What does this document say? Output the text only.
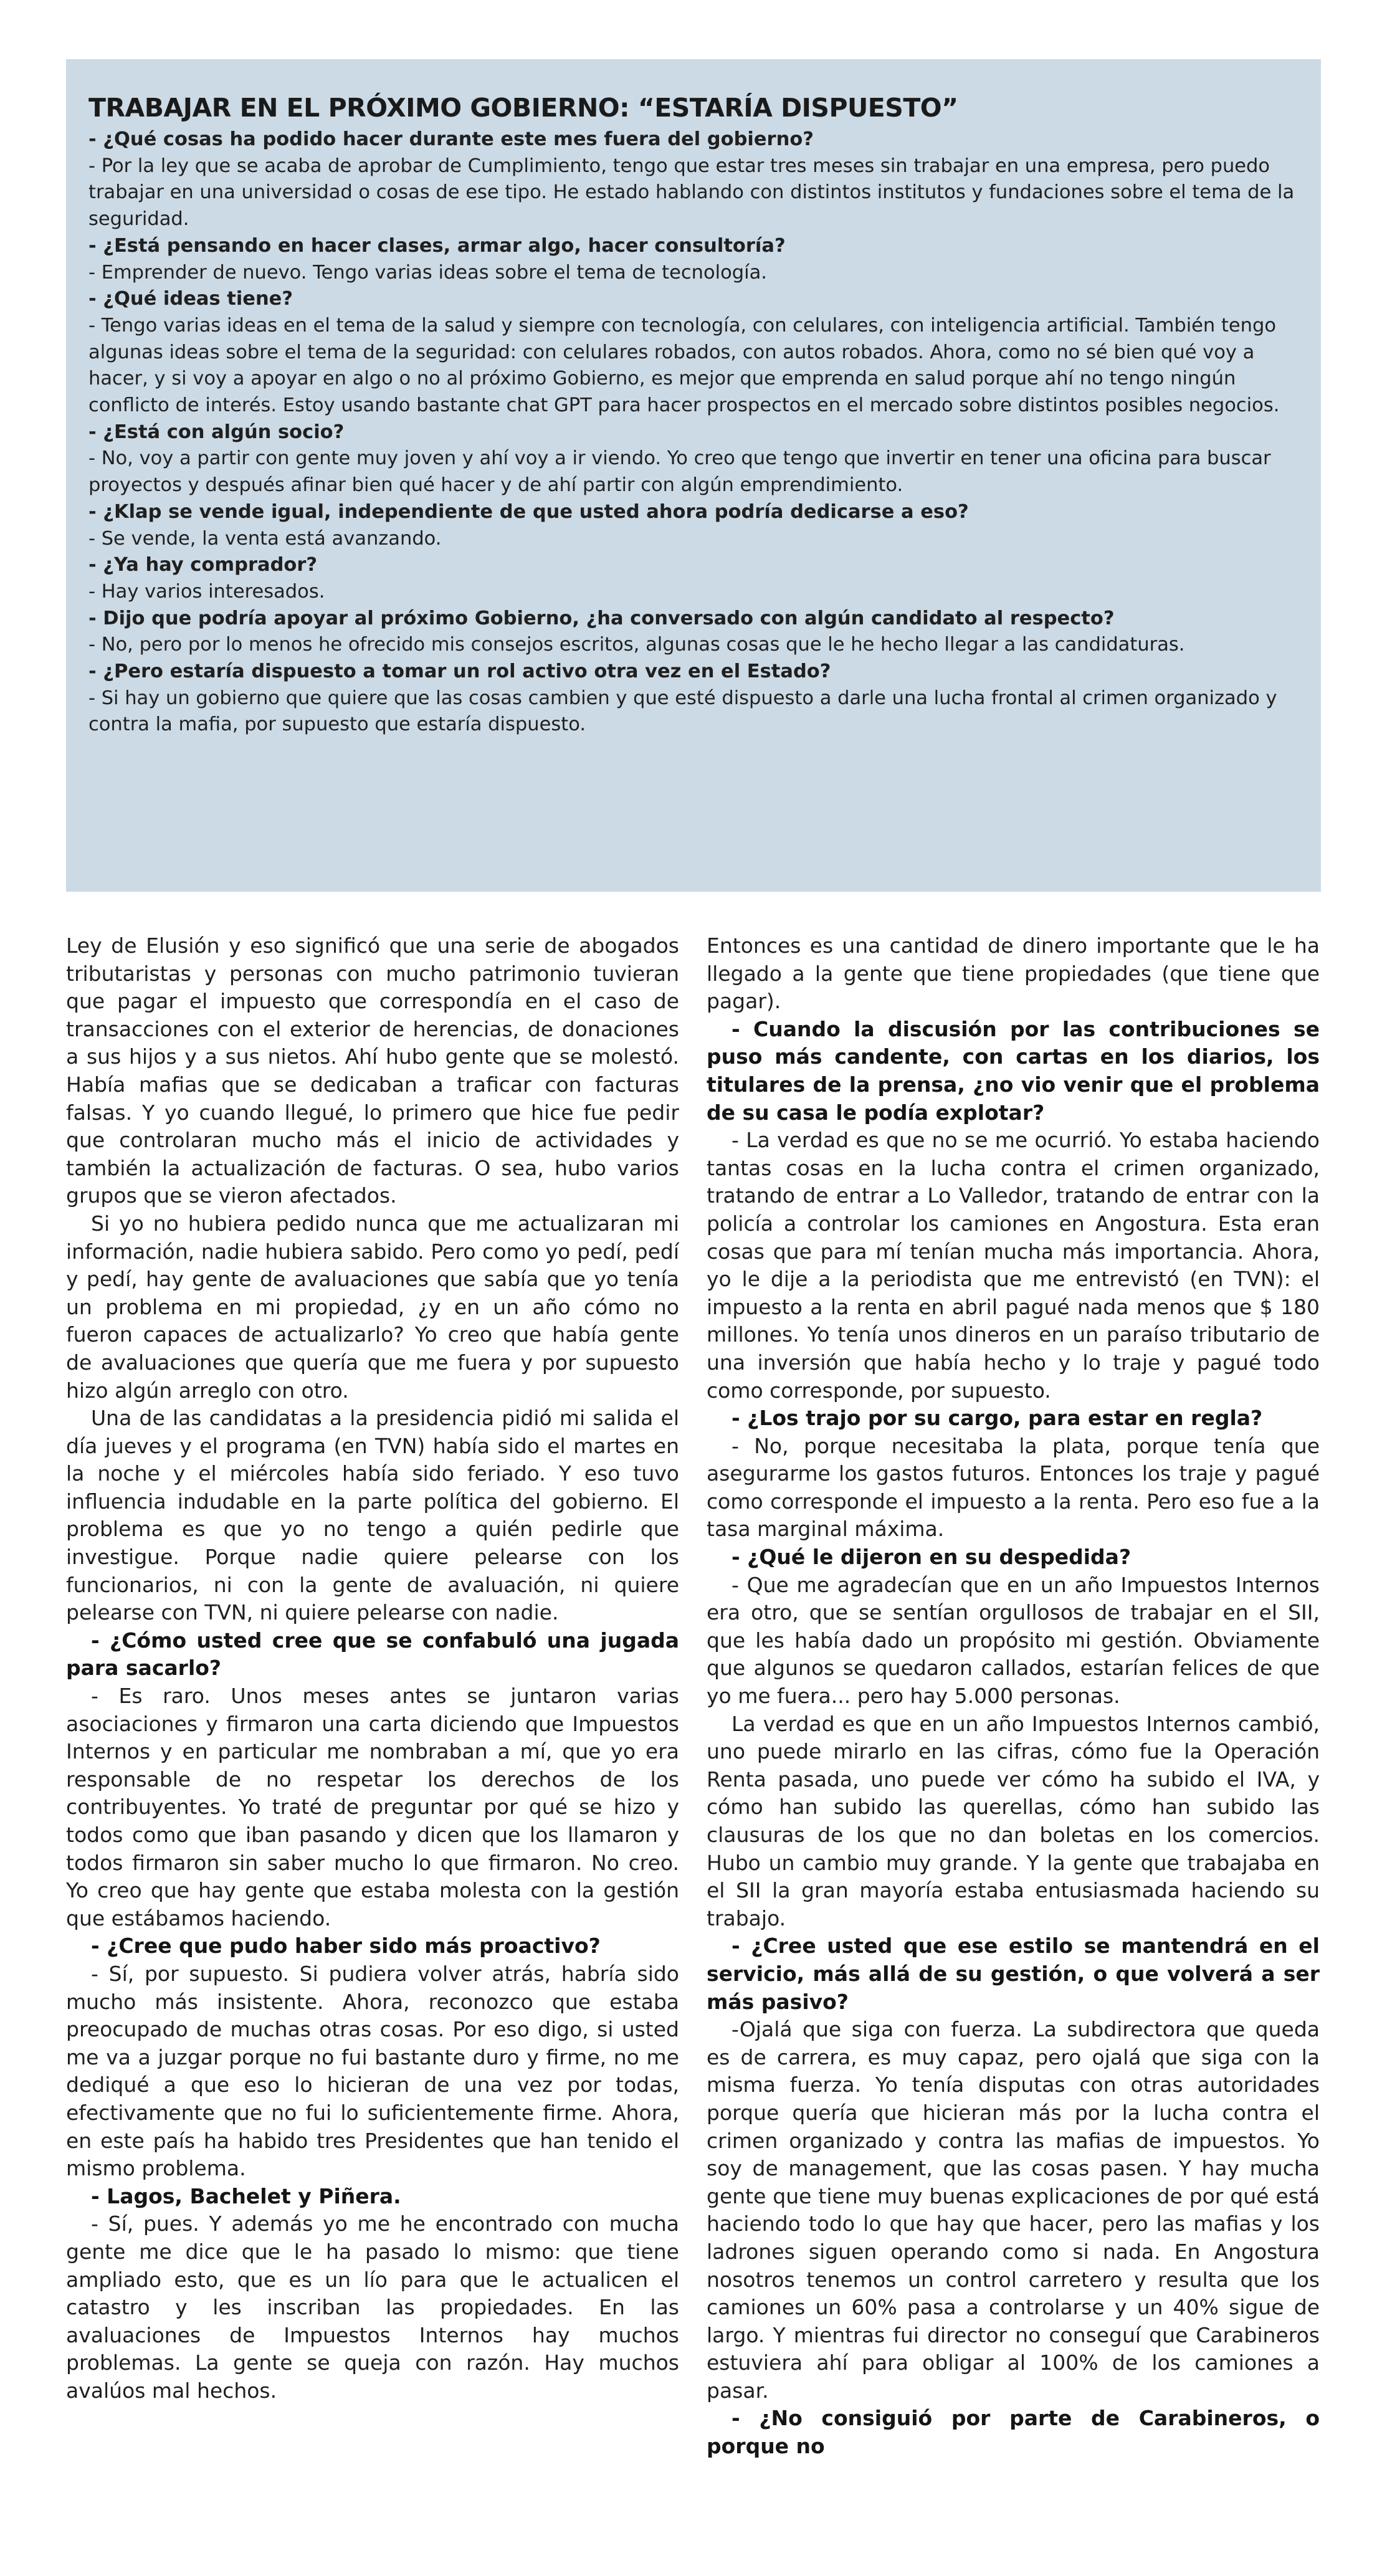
TRABAJAR EN EL PRÓXIMO GOBIERNO: “ESTARÍA DISPUESTO”

- ¿Qué cosas ha podido hacer durante este mes fuera del gobierno?

- Por la ley que se acaba de aprobar de Cumplimiento, tengo que estar tres meses sin trabajar en una empresa, pero puedo trabajar en una universidad o cosas de ese tipo. He estado hablando con distintos institutos y fundaciones sobre el tema de la seguridad.

- ¿Está pensando en hacer clases, armar algo, hacer consultoría?

- Emprender de nuevo. Tengo varias ideas sobre el tema de tecnología.

- ¿Qué ideas tiene?

- Tengo varias ideas en el tema de la salud y siempre con tecnología, con celulares, con inteligencia artificial. También tengo algunas ideas sobre el tema de la seguridad: con celulares robados, con autos robados. Ahora, como no sé bien qué voy a hacer, y si voy a apoyar en algo o no al próximo Gobierno, es mejor que emprenda en salud porque ahí no tengo ningún conflicto de interés. Estoy usando bastante chat GPT para hacer prospectos en el mercado sobre distintos posibles negocios.

- ¿Está con algún socio?

- No, voy a partir con gente muy joven y ahí voy a ir viendo. Yo creo que tengo que invertir en tener una oficina para buscar proyectos y después afinar bien qué hacer y de ahí partir con algún emprendimiento.

- ¿Klap se vende igual, independiente de que usted ahora podría dedicarse a eso?

- Se vende, la venta está avanzando.

- ¿Ya hay comprador?

- Hay varios interesados.

- Dijo que podría apoyar al próximo Gobierno, ¿ha conversado con algún candidato al respecto?

- No, pero por lo menos he ofrecido mis consejos escritos, algunas cosas que le he hecho llegar a las candidaturas.

- ¿Pero estaría dispuesto a tomar un rol activo otra vez en el Estado?

- Si hay un gobierno que quiere que las cosas cambien y que esté dispuesto a darle una lucha frontal al crimen organizado y contra la mafia, por supuesto que estaría dispuesto.

Ley de Elusión y eso significó que una serie de abogados tributaristas y personas con mucho patrimonio tuvieran que pagar el impuesto que correspondía en el caso de transacciones con el exterior de herencias, de donaciones a sus hijos y a sus nietos. Ahí hubo gente que se molestó. Había mafias que se dedicaban a traficar con facturas falsas. Y yo cuando llegué, lo primero que hice fue pedir que controlaran mucho más el inicio de actividades y también la actualización de facturas. O sea, hubo varios grupos que se vieron afectados.

Si yo no hubiera pedido nunca que me actualizaran mi información, nadie hubiera sabido. Pero como yo pedí, pedí y pedí, hay gente de avaluaciones que sabía que yo tenía un problema en mi propiedad, ¿y en un año cómo no fueron capaces de actualizarlo? Yo creo que había gente de avaluaciones que quería que me fuera y por supuesto hizo algún arreglo con otro.

Una de las candidatas a la presidencia pidió mi salida el día jueves y el programa (en TVN) había sido el martes en la noche y el miércoles había sido feriado. Y eso tuvo influencia indudable en la parte política del gobierno. El problema es que yo no tengo a quién pedirle que investigue. Porque nadie quiere pelearse con los funcionarios, ni con la gente de avaluación, ni quiere pelearse con TVN, ni quiere pelearse con nadie.

- ¿Cómo usted cree que se confabuló una jugada para sacarlo?

- Es raro. Unos meses antes se juntaron varias asociaciones y firmaron una carta diciendo que Impuestos Internos y en particular me nombraban a mí, que yo era responsable de no respetar los derechos de los contribuyentes. Yo traté de preguntar por qué se hizo y todos como que iban pasando y dicen que los llamaron y todos firmaron sin saber mucho lo que firmaron. No creo. Yo creo que hay gente que estaba molesta con la gestión que estábamos haciendo.

- ¿Cree que pudo haber sido más proactivo?

- Sí, por supuesto. Si pudiera volver atrás, habría sido mucho más insistente. Ahora, reconozco que estaba preocupado de muchas otras cosas. Por eso digo, si usted me va a juzgar porque no fui bastante duro y firme, no me dediqué a que eso lo hicieran de una vez por todas, efectivamente que no fui lo suficientemente firme. Ahora, en este país ha habido tres Presidentes que han tenido el mismo problema.

- Lagos, Bachelet y Piñera.

- Sí, pues. Y además yo me he encontrado con mucha gente me dice que le ha pasado lo mismo: que tiene ampliado esto, que es un lío para que le actualicen el catastro y les inscriban las propiedades. En las avaluaciones de Impuestos Internos hay muchos problemas. La gente se queja con razón. Hay muchos avalúos mal hechos.

Entonces es una cantidad de dinero importante que le ha llegado a la gente que tiene propiedades (que tiene que pagar).

- Cuando la discusión por las contribuciones se puso más candente, con cartas en los diarios, los titulares de la prensa, ¿no vio venir que el problema de su casa le podía explotar?

- La verdad es que no se me ocurrió. Yo estaba haciendo tantas cosas en la lucha contra el crimen organizado, tratando de entrar a Lo Valledor, tratando de entrar con la policía a controlar los camiones en Angostura. Esta eran cosas que para mí tenían mucha más importancia. Ahora, yo le dije a la periodista que me entrevistó (en TVN): el impuesto a la renta en abril pagué nada menos que $ 180 millones. Yo tenía unos dineros en un paraíso tributario de una inversión que había hecho y lo traje y pagué todo como corresponde, por supuesto.

- ¿Los trajo por su cargo, para estar en regla?

- No, porque necesitaba la plata, porque tenía que asegurarme los gastos futuros. Entonces los traje y pagué como corresponde el impuesto a la renta. Pero eso fue a la tasa marginal máxima.

- ¿Qué le dijeron en su despedida?

- Que me agradecían que en un año Impuestos Internos era otro, que se sentían orgullosos de trabajar en el SII, que les había dado un propósito mi gestión. Obviamente que algunos se quedaron callados, estarían felices de que yo me fuera... pero hay 5.000 personas.

La verdad es que en un año Impuestos Internos cambió, uno puede mirarlo en las cifras, cómo fue la Operación Renta pasada, uno puede ver cómo ha subido el IVA, y cómo han subido las querellas, cómo han subido las clausuras de los que no dan boletas en los comercios. Hubo un cambio muy grande. Y la gente que trabajaba en el SII la gran mayoría estaba entusiasmada haciendo su trabajo.

- ¿Cree usted que ese estilo se mantendrá en el servicio, más allá de su gestión, o que volverá a ser más pasivo?

-Ojalá que siga con fuerza. La subdirectora que queda es de carrera, es muy capaz, pero ojalá que siga con la misma fuerza. Yo tenía disputas con otras autoridades porque quería que hicieran más por la lucha contra el crimen organizado y contra las mafias de impuestos. Yo soy de management, que las cosas pasen. Y hay mucha gente que tiene muy buenas explicaciones de por qué está haciendo todo lo que hay que hacer, pero las mafias y los ladrones siguen operando como si nada. En Angostura nosotros tenemos un control carretero y resulta que los camiones un 60% pasa a controlarse y un 40% sigue de largo. Y mientras fui director no conseguí que Carabineros estuviera ahí para obligar al 100% de los camiones a pasar.

- ¿No consiguió por parte de Carabineros, o porque no
